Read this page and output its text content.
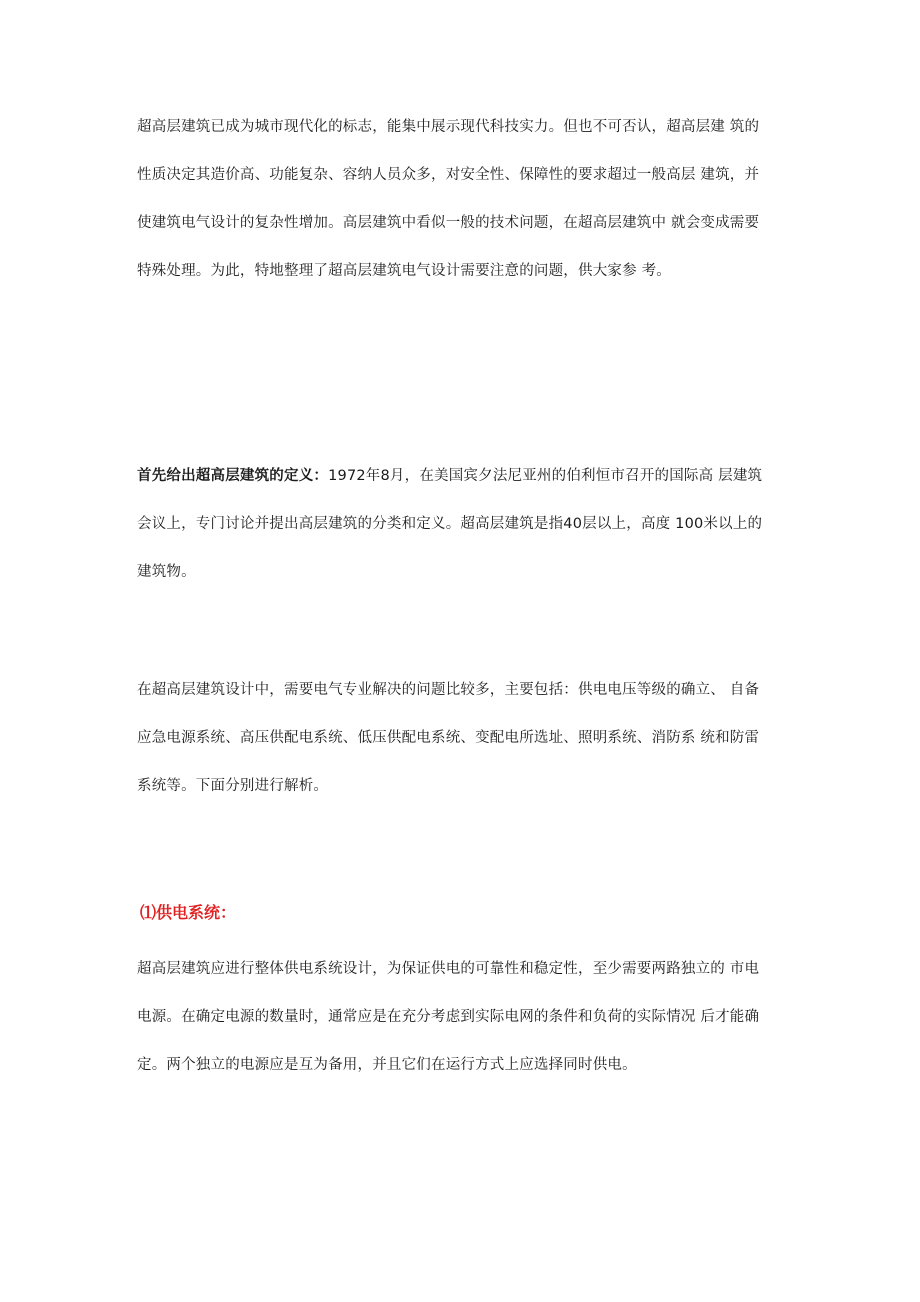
超高层建筑已成为城市现代化的标志，能集中展示现代科技实力。但也不可否认，超高层建 筑的
性质决定其造价高、功能复杂、容纳人员众多，对安全性、保障性的要求超过一般高层 建筑，并
使建筑电气设计的复杂性增加。高层建筑中看似一般的技术问题，在超高层建筑中 就会变成需要
特殊处理。为此，特地整理了超高层建筑电气设计需要注意的问题，供大家参 考。

首先给出超高层建筑的定义：1972年8月，在美国宾夕法尼亚州的伯利恒市召开的国际高 层建筑
会议上，专门讨论并提出高层建筑的分类和定义。超高层建筑是指40层以上，高度 100米以上的
建筑物。

在超高层建筑设计中，需要电气专业解决的问题比较多，主要包括：供电电压等级的确立、 自备
应急电源系统、高压供配电系统、低压供配电系统、变配电所选址、照明系统、消防系 统和防雷
系统等。下面分别进行解析。

⑴供电系统：

超高层建筑应进行整体供电系统设计，为保证供电的可靠性和稳定性，至少需要两路独立的 市电
电源。在确定电源的数量时，通常应是在充分考虑到实际电网的条件和负荷的实际情况 后才能确
定。两个独立的电源应是互为备用，并且它们在运行方式上应选择同时供电。
